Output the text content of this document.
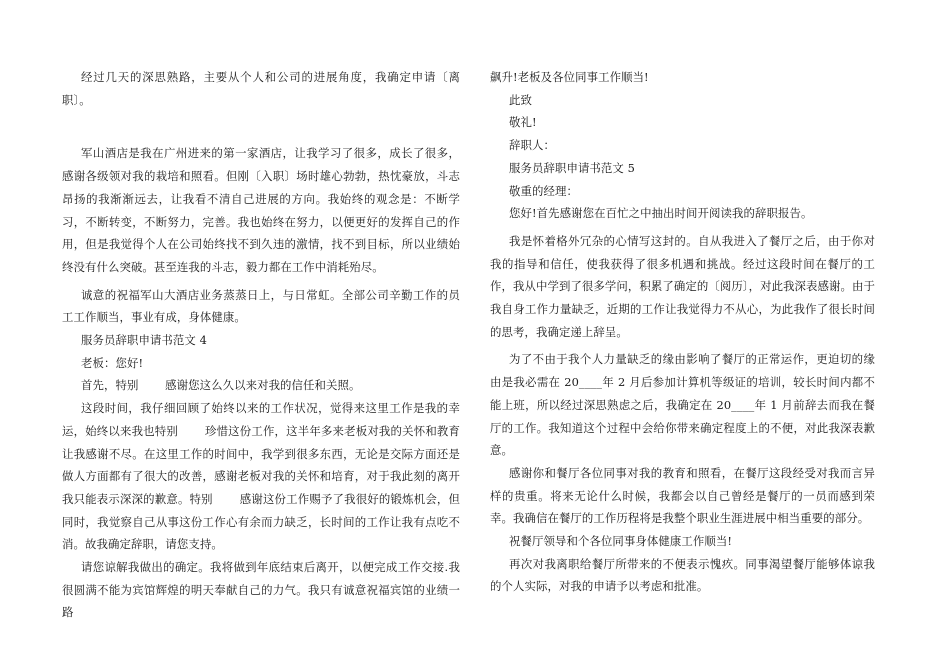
经过几天的深思熟路，主要从个人和公司的进展角度，我确定申请〔离职〕。

军山酒店是我在广州进来的第一家酒店，让我学习了很多，成长了很多，感谢各级领对我的栽培和照看。但刚〔入职〕场时雄心勃勃，热忱豪放，斗志昂扬的我渐渐远去，让我看不清自己进展的方向。我始终的观念是：不断学习，不断转变，不断努力，完善。我也始终在努力，以便更好的发挥自己的作用，但是我觉得个人在公司始终找不到久违的激情，找不到目标，所以业绩始终没有什么突破。甚至连我的斗志，毅力都在工作中消耗殆尽。

诚意的祝福军山大酒店业务蒸蒸日上，与日常虹。全部公司辛勤工作的员工工作顺当，事业有成，身体健康。

服务员辞职申请书范文 4

老板：您好!

首先，特别　　 感谢您这么久以来对我的信任和关照。

这段时间，我仔细回顾了始终以来的工作状况，觉得来这里工作是我的幸运，始终以来我也特别　　 珍惜这份工作，这半年多来老板对我的关怀和教育让我感谢不尽。在这里工作的时间中，我学到很多东西，无论是交际方面还是做人方面都有了很大的改善，感谢老板对我的关怀和培育，对于我此刻的离开我只能表示深深的歉意。特别　　 感谢这份工作赐予了我很好的锻炼机会，但同时，我觉察自己从事这份工作心有余而力缺乏，长时间的工作让我有点吃不消。故我确定辞职，请您支持。

请您谅解我做出的确定。我将做到年底结束后离开，以便完成工作交接.我很圆满不能为宾馆辉煌的明天奉献自己的力气。我只有诚意祝福宾馆的业绩一路

飙升!老板及各位同事工作顺当!

此致

敬礼!

辞职人：

服务员辞职申请书范文 5

敬重的经理：

您好!首先感谢您在百忙之中抽出时间开阅读我的辞职报告。

我是怀着格外冗杂的心情写这封的。自从我进入了餐厅之后，由于你对我的指导和信任，使我获得了很多机遇和挑战。经过这段时间在餐厅的工作，我从中学到了很多学问，积累了确定的〔阅历〕，对此我深表感谢。由于我自身工作力量缺乏，近期的工作让我觉得力不从心，为此我作了很长时间的思考，我确定递上辞呈。

为了不由于我个人力量缺乏的缘由影响了餐厅的正常运作，更迫切的缘由是我必需在 20____年 2 月后参加计算机等级证的培训，较长时间内都不能上班，所以经过深思熟虑之后，我确定在 20____年 1 月前辞去而我在餐厅的工作。我知道这个过程中会给你带来确定程度上的不便，对此我深表歉意。

感谢你和餐厅各位同事对我的教育和照看，在餐厅这段经受对我而言异样的贵重。将来无论什么时候，我都会以自己曾经是餐厅的一员而感到荣幸。我确信在餐厅的工作历程将是我整个职业生涯进展中相当重要的部分。

祝餐厅领导和个各位同事身体健康工作顺当!

再次对我离职给餐厅所带来的不便表示愧疚。同事渴望餐厅能够体谅我的个人实际，对我的申请予以考虑和批准。
